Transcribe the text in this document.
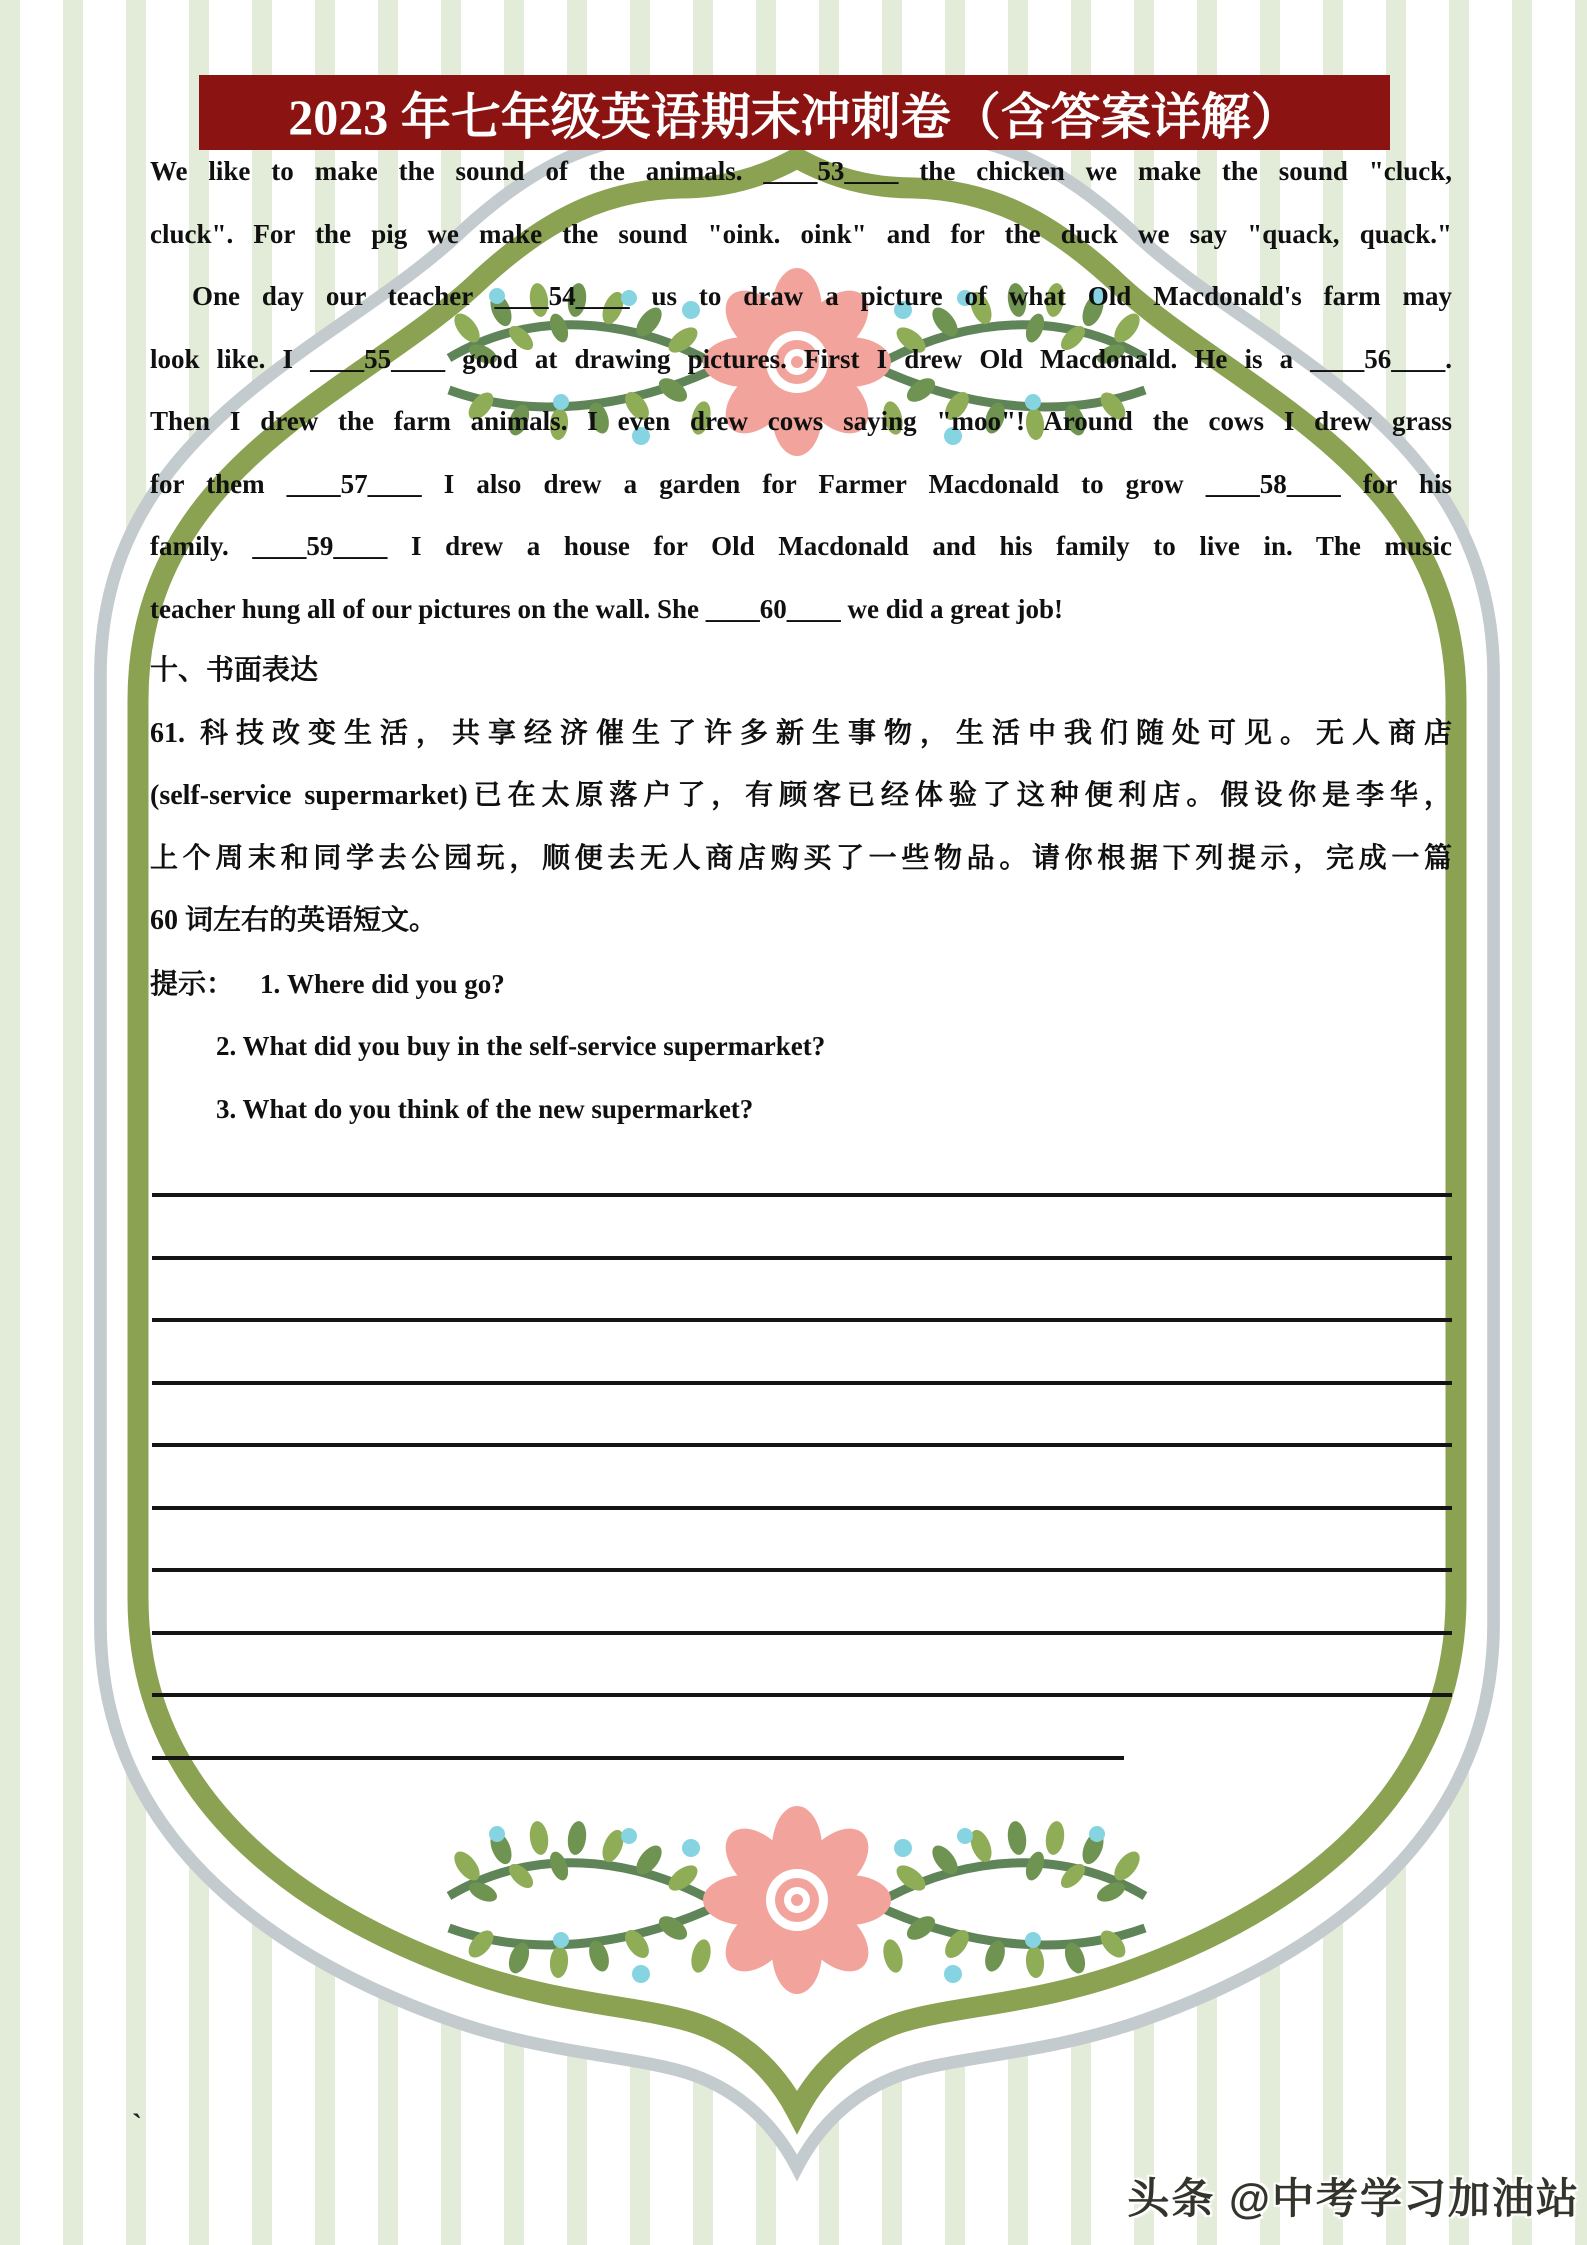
2023 年七年级英语期末冲刺卷（含答案详解）
We like to make the sound of the animals. ____53____ the chicken we make the sound "cluck,
cluck". For the pig we make the sound "oink. oink" and for the duck we say "quack, quack."
One day our teacher ____54____ us to draw a picture of what Old Macdonald's farm may
look like. I ____55____ good at drawing pictures. First I drew Old Macdonald. He is a ____56____.
Then I drew the farm animals. I even drew cows saying "moo"! Around the cows I drew grass
for them ____57____ I also drew a garden for Farmer Macdonald to grow ____58____ for his
family. ____59____ I drew a house for Old Macdonald and his family to live in. The music
teacher hung all of our pictures on the wall. She ____60____ we did a great job!
十、书面表达
61. 科技改变生活，共享经济催生了许多新生事物，生活中我们随处可见。无人商店
(self-service supermarket)已在太原落户了，有顾客已经体验了这种便利店。假设你是李华，
上个周末和同学去公园玩，顺便去无人商店购买了一些物品。请你根据下列提示，完成一篇
60 词左右的英语短文。
提示： 1. Where did you go?
2. What did you buy in the self-service supermarket?
3. What do you think of the new supermarket?
`
头条 @中考学习加油站
